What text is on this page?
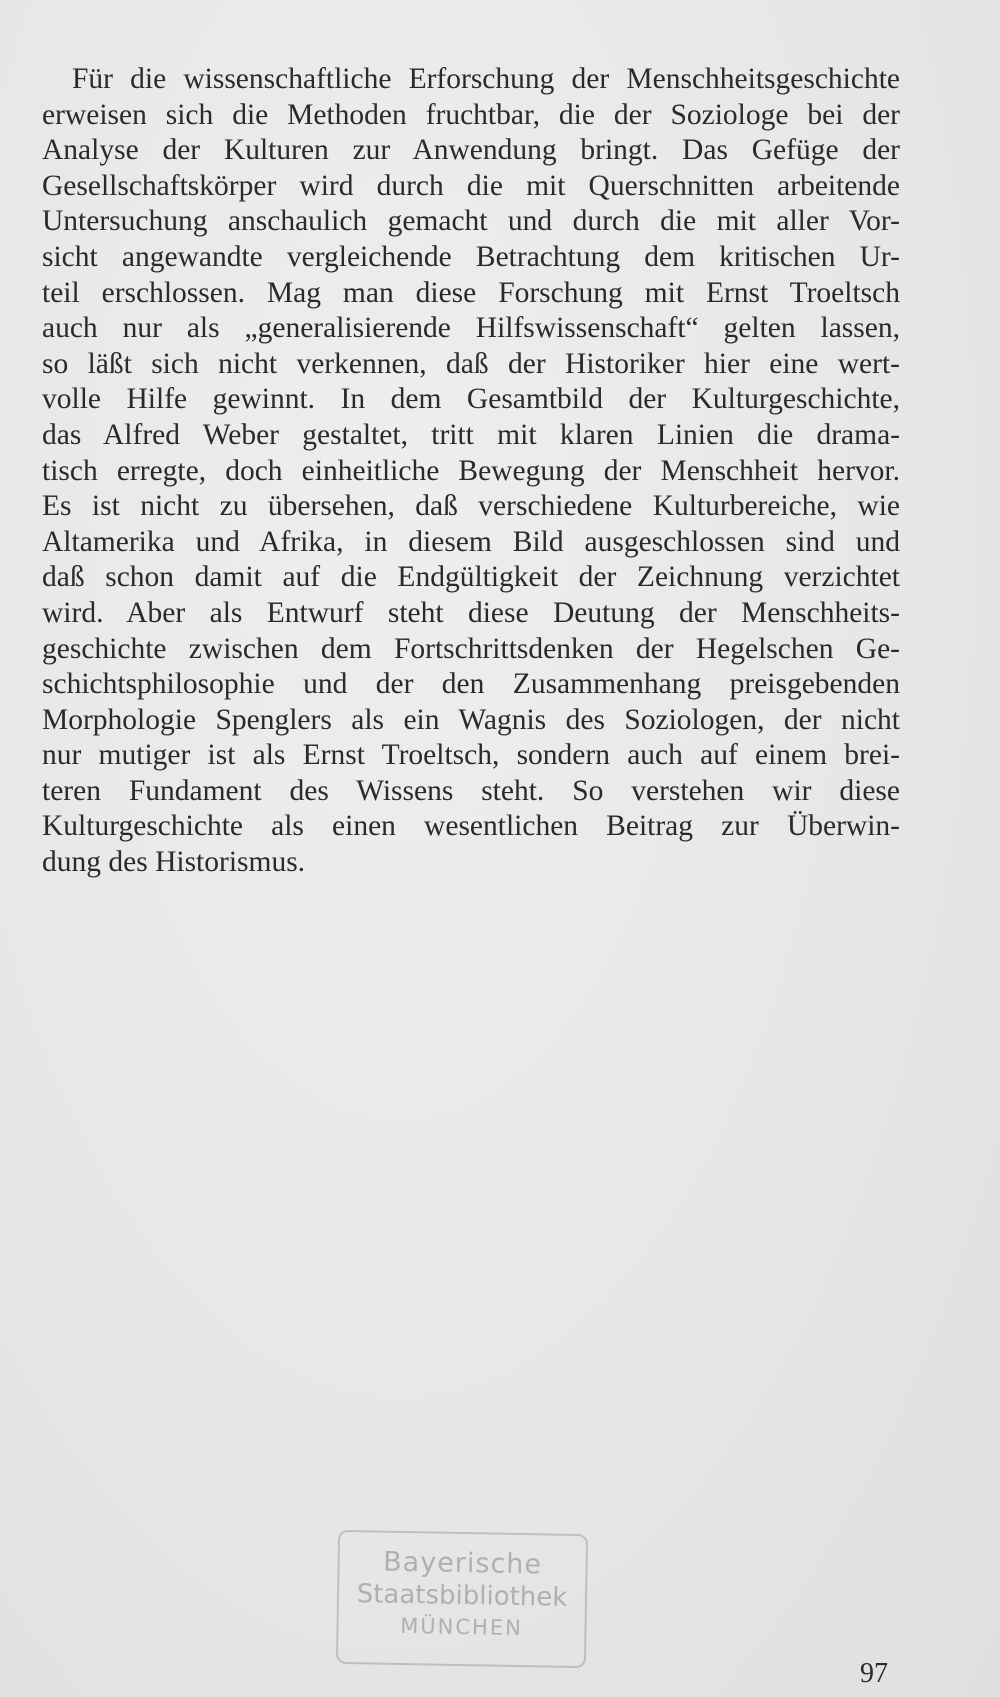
Für die wissenschaftliche Erforschung der Menschheitsgeschichte
erweisen sich die Methoden fruchtbar, die der Soziologe bei der
Analyse der Kulturen zur Anwendung bringt. Das Gefüge der
Gesellschaftskörper wird durch die mit Querschnitten arbeitende
Untersuchung anschaulich gemacht und durch die mit aller Vor-
sicht angewandte vergleichende Betrachtung dem kritischen Ur-
teil erschlossen. Mag man diese Forschung mit Ernst Troeltsch
auch nur als „generalisierende Hilfswissenschaft“ gelten lassen,
so läßt sich nicht verkennen, daß der Historiker hier eine wert-
volle Hilfe gewinnt. In dem Gesamtbild der Kulturgeschichte,
das Alfred Weber gestaltet, tritt mit klaren Linien die drama-
tisch erregte, doch einheitliche Bewegung der Menschheit hervor.
Es ist nicht zu übersehen, daß verschiedene Kulturbereiche, wie
Altamerika und Afrika, in diesem Bild ausgeschlossen sind und
daß schon damit auf die Endgültigkeit der Zeichnung verzichtet
wird. Aber als Entwurf steht diese Deutung der Menschheits-
geschichte zwischen dem Fortschrittsdenken der Hegelschen Ge-
schichtsphilosophie und der den Zusammenhang preisgebenden
Morphologie Spenglers als ein Wagnis des Soziologen, der nicht
nur mutiger ist als Ernst Troeltsch, sondern auch auf einem brei-
teren Fundament des Wissens steht. So verstehen wir diese
Kulturgeschichte als einen wesentlichen Beitrag zur Überwin-
dung des Historismus.
Bayerische
Staatsbibliothek
MÜNCHEN
97
